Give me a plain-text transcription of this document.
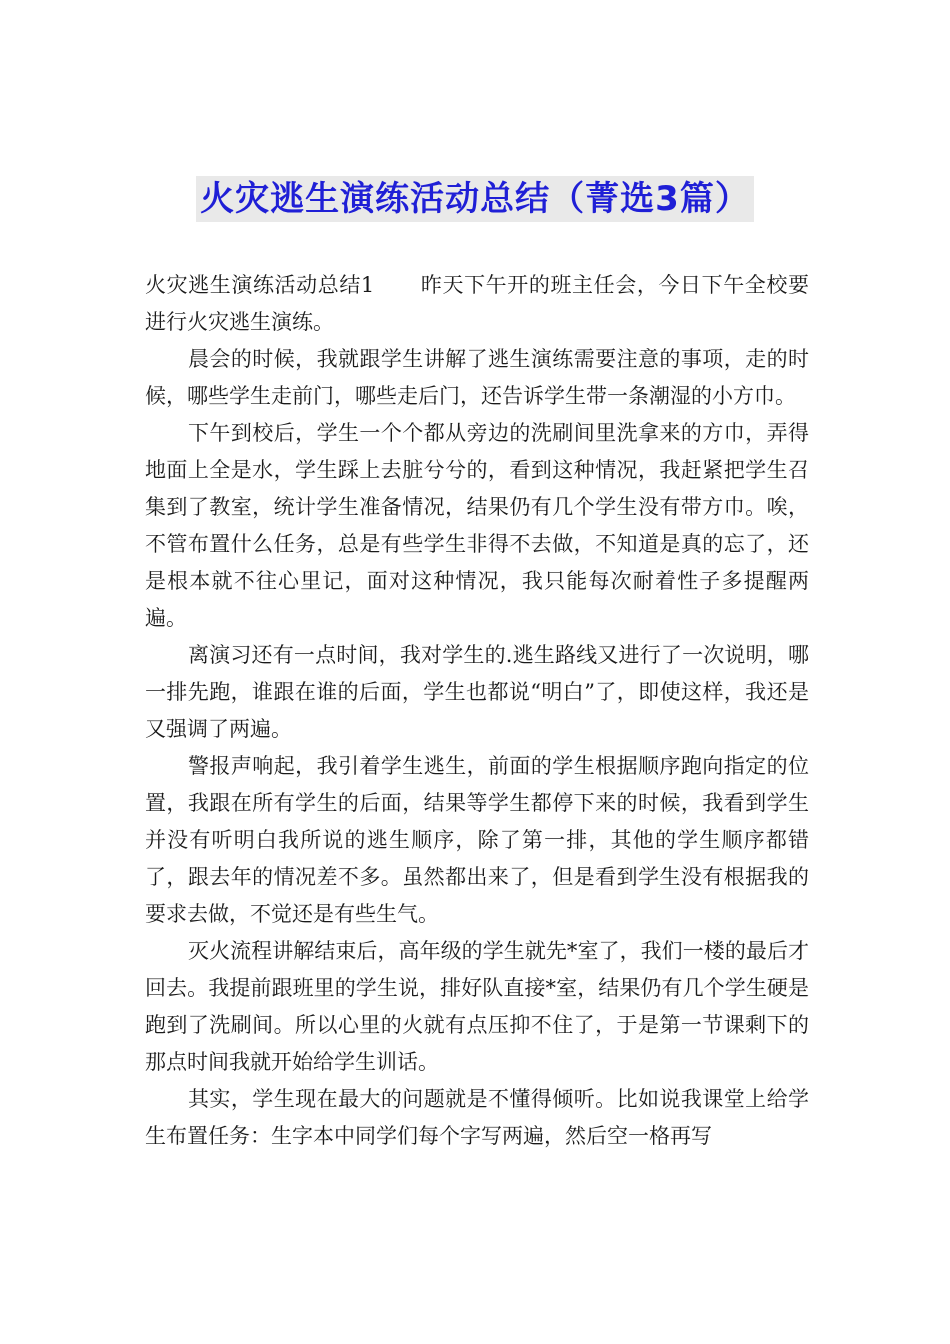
火灾逃生演练活动总结（菁选3篇）

火灾逃生演练活动总结1 昨天下午开的班主任会，今日下午全校要进行火灾逃生演练。

晨会的时候，我就跟学生讲解了逃生演练需要注意的事项，走的时候，哪些学生走前门，哪些走后门，还告诉学生带一条潮湿的小方巾。

下午到校后，学生一个个都从旁边的洗刷间里洗拿来的方巾，弄得地面上全是水，学生踩上去脏兮兮的，看到这种情况，我赶紧把学生召集到了教室，统计学生准备情况，结果仍有几个学生没有带方巾。唉，不管布置什么任务，总是有些学生非得不去做，不知道是真的忘了，还是根本就不往心里记，面对这种情况，我只能每次耐着性子多提醒两遍。

离演习还有一点时间，我对学生的.逃生路线又进行了一次说明，哪一排先跑，谁跟在谁的后面，学生也都说“明白”了，即使这样，我还是又强调了两遍。

警报声响起，我引着学生逃生，前面的学生根据顺序跑向指定的位置，我跟在所有学生的后面，结果等学生都停下来的时候，我看到学生并没有听明白我所说的逃生顺序，除了第一排，其他的学生顺序都错了，跟去年的情况差不多。虽然都出来了，但是看到学生没有根据我的要求去做，不觉还是有些生气。

灭火流程讲解结束后，高年级的学生就先*室了，我们一楼的最后才回去。我提前跟班里的学生说，排好队直接*室，结果仍有几个学生硬是跑到了洗刷间。所以心里的火就有点压抑不住了，于是第一节课剩下的那点时间我就开始给学生训话。

其实，学生现在最大的问题就是不懂得倾听。比如说我课堂上给学生布置任务：生字本中同学们每个字写两遍，然后空一格再写
